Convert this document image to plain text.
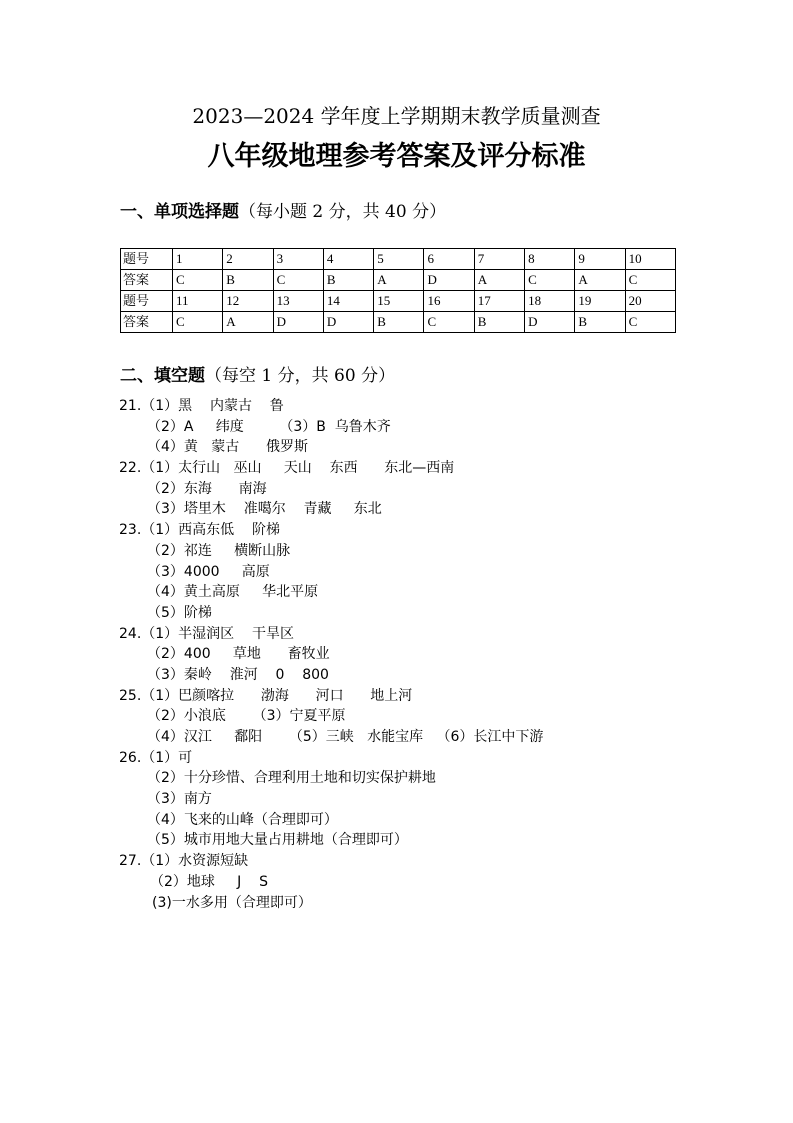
2023—2024 学年度上学期期末教学质量测查
八年级地理参考答案及评分标准
一、单项选择题（每小题 2 分，共 40 分）
题号	1	2	3	4	5	6	7	8	9	10
答案	C	B	C	B	A	D	A	C	A	C
题号	11	12	13	14	15	16	17	18	19	20
答案	C	A	D	D	B	C	B	D	B	C
二、填空题（每空 1 分，共 60 分）
21.（1）黑    内蒙古    鲁
（2）A     纬度        （3）B  乌鲁木齐
（4）黄   蒙古      俄罗斯
22.（1）太行山   巫山     天山    东西      东北—西南
（2）东海      南海
（3）塔里木    准噶尔    青藏     东北
23.（1）西高东低    阶梯
（2）祁连     横断山脉
（3）4000     高原
（4）黄土高原     华北平原
（5）阶梯
24.（1）半湿润区    干旱区
（2）400     草地      畜牧业
（3）秦岭    淮河    0    800
25.（1）巴颜喀拉      渤海      河口      地上河
（2）小浪底      （3）宁夏平原
（4）汉江     鄱阳      （5）三峡   水能宝库   （6）长江中下游
26.（1）可
（2）十分珍惜、合理利用土地和切实保护耕地
（3）南方
（4）飞来的山峰（合理即可）
（5）城市用地大量占用耕地（合理即可）
27.（1）水资源短缺
（2）地球     J    S
(3)一水多用（合理即可）
